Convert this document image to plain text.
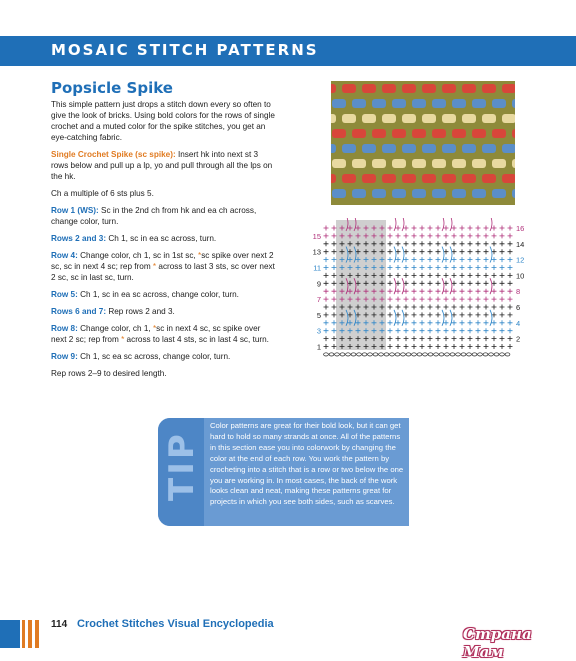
MOSAIC STITCH PATTERNS
Popsicle Spike

This simple pattern just drops a stitch down every so often to give the look of bricks. Using bold colors for the rows of single crochet and a muted color for the spike stitches, you get an eye-catching fabric.

Single Crochet Spike (sc spike): Insert hk into next st 3 rows below and pull up a lp, yo and pull through all the lps on the hk.

Ch a multiple of 6 sts plus 5.

Row 1 (WS): Sc in the 2nd ch from hk and ea ch across, change color, turn.

Rows 2 and 3: Ch 1, sc in ea sc across, turn.

Row 4: Change color, ch 1, sc in 1st sc, *sc spike over next 2 sc, sc in next 4 sc; rep from * across to last 3 sts, sc over next 2 sc, sc in last sc, turn.

Row 5: Ch 1, sc in ea sc across, change color, turn.

Rows 6 and 7: Rep rows 2 and 3.

Row 8: Change color, ch 1, *sc in next 4 sc, sc spike over next 2 sc; rep from * across to last 4 sts, sc in last 4 sc, turn.

Row 9: Ch 1, sc ea sc across, change color, turn.

Rep rows 2–9 to desired length.

15
13
11
9
7
5
3
1
16
14
12
10
8
6
4
2
TIP
Color patterns are great for their bold look, but it can get hard to hold so many strands at once. All of the patterns in this section ease you into colorwork by changing the color at the end of each row. You work the pattern by crocheting into a stitch that is a row or two below the one you are working in. In most cases, the back of the work looks clean and neat, making these patterns great for projects in which you see both sides, such as scarves.
114 Crochet Stitches Visual Encyclopedia
Страна Мам
